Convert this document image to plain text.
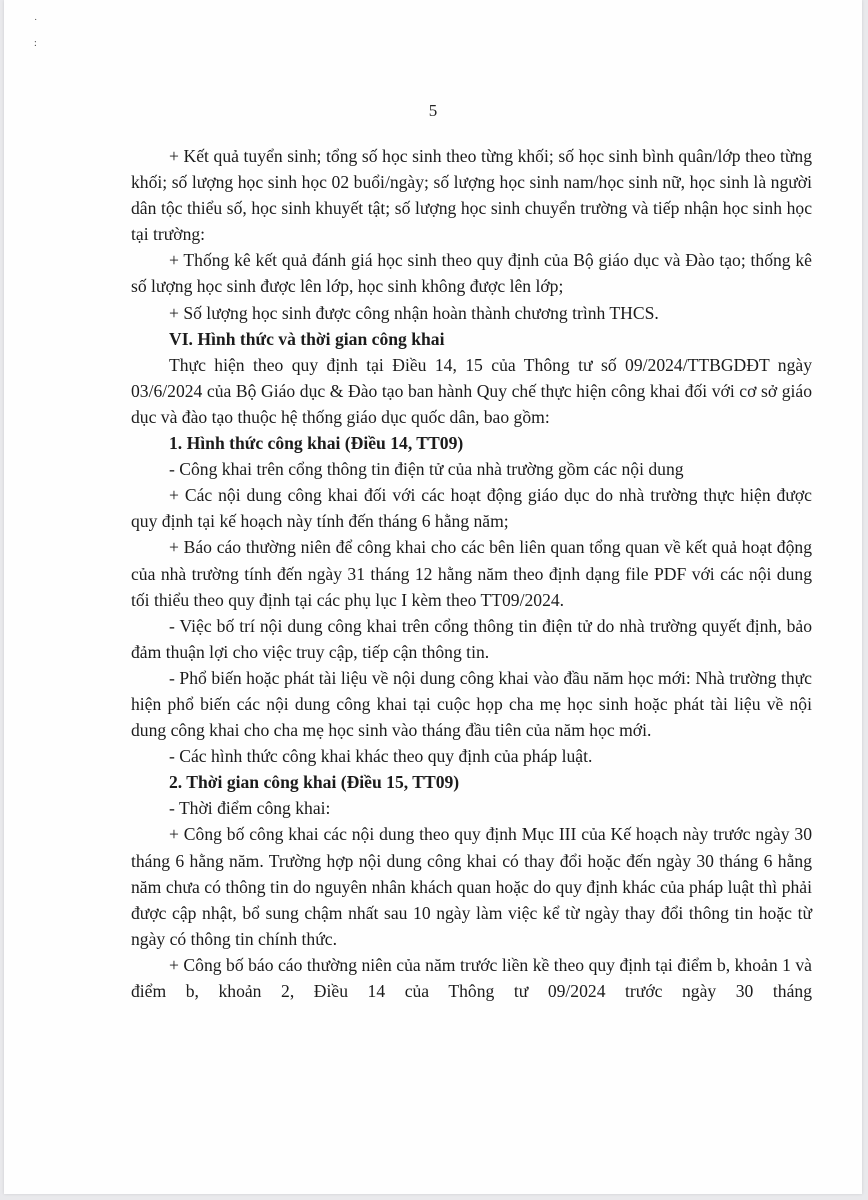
˙
:
5

+ Kết quả tuyển sinh; tổng số học sinh theo từng khối; số học sinh bình quân/lớp theo từng khối; số lượng học sinh học 02 buổi/ngày; số lượng học sinh nam/học sinh nữ, học sinh là người dân tộc thiểu số, học sinh khuyết tật; số lượng học sinh chuyển trường và tiếp nhận học sinh học tại trường:

+ Thống kê kết quả đánh giá học sinh theo quy định của Bộ giáo dục và Đào tạo; thống kê số lượng học sinh được lên lớp, học sinh không được lên lớp;

+ Số lượng học sinh được công nhận hoàn thành chương trình THCS.

VI. Hình thức và thời gian công khai

Thực hiện theo quy định tại Điều 14, 15 của Thông tư số 09/2024/TTBGDĐT ngày 03/6/2024 của Bộ Giáo dục & Đào tạo ban hành Quy chế thực hiện công khai đối với cơ sở giáo dục và đào tạo thuộc hệ thống giáo dục quốc dân, bao gồm:

1. Hình thức công khai (Điều 14, TT09)

- Công khai trên cổng thông tin điện tử của nhà trường gồm các nội dung

+ Các nội dung công khai đối với các hoạt động giáo dục do nhà trường thực hiện được quy định tại kế hoạch này tính đến tháng 6 hằng năm;

+ Báo cáo thường niên để công khai cho các bên liên quan tổng quan về kết quả hoạt động của nhà trường tính đến ngày 31 tháng 12 hằng năm theo định dạng file PDF với các nội dung tối thiểu theo quy định tại các phụ lục I kèm theo TT09/2024.

- Việc bố trí nội dung công khai trên cổng thông tin điện tử do nhà trường quyết định, bảo đảm thuận lợi cho việc truy cập, tiếp cận thông tin.

- Phổ biến hoặc phát tài liệu về nội dung công khai vào đầu năm học mới: Nhà trường thực hiện phổ biến các nội dung công khai tại cuộc họp cha mẹ học sinh hoặc phát tài liệu về nội dung công khai cho cha mẹ học sinh vào tháng đầu tiên của năm học mới.

- Các hình thức công khai khác theo quy định của pháp luật.

2. Thời gian công khai (Điều 15, TT09)

- Thời điểm công khai:

+ Công bố công khai các nội dung theo quy định Mục III của Kế hoạch này trước ngày 30 tháng 6 hằng năm. Trường hợp nội dung công khai có thay đổi hoặc đến ngày 30 tháng 6 hằng năm chưa có thông tin do nguyên nhân khách quan hoặc do quy định khác của pháp luật thì phải được cập nhật, bổ sung chậm nhất sau 10 ngày làm việc kể từ ngày thay đổi thông tin hoặc từ ngày có thông tin chính thức.

+ Công bố báo cáo thường niên của năm trước liền kề theo quy định tại điểm b, khoản 1 và điểm b, khoản 2, Điều 14 của Thông tư 09/2024 trước ngày 30 tháng
